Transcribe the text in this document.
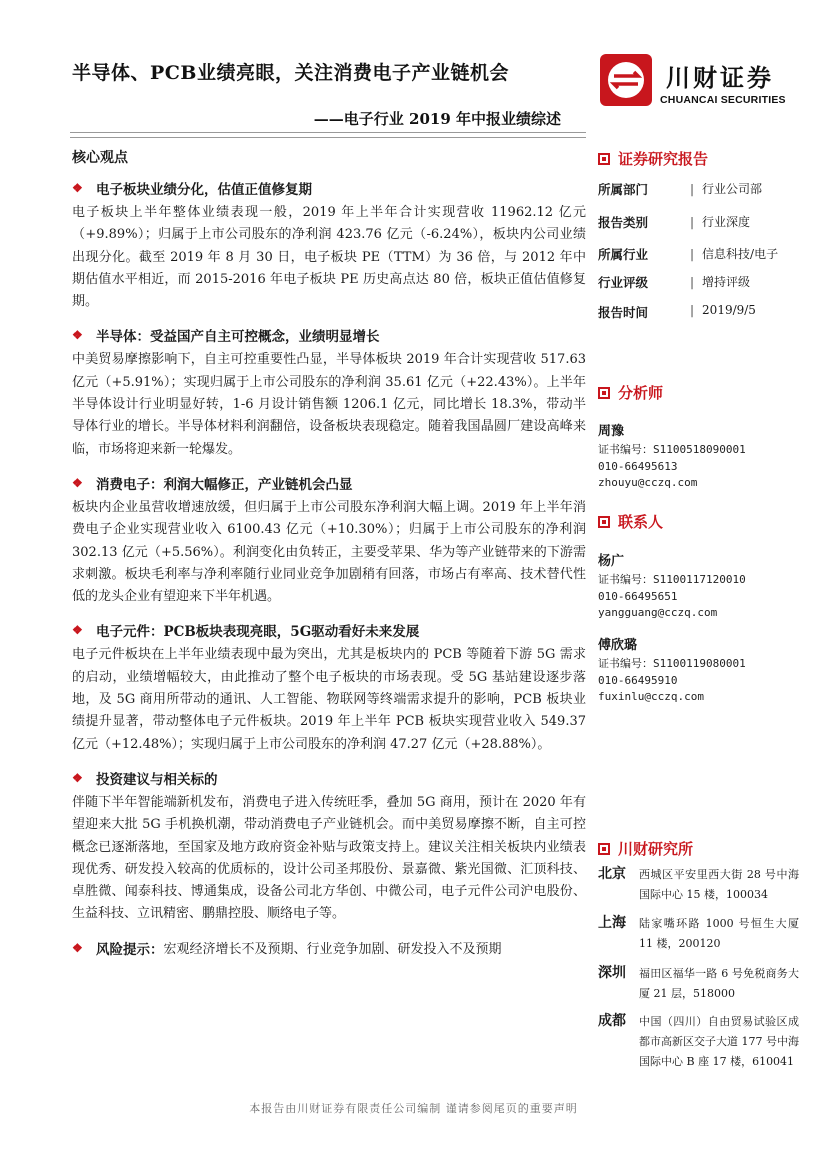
半导体、PCB业绩亮眼，关注消费电子产业链机会
——电子行业 2019 年中报业绩综述
川财证券
CHUANCAI SECURITIES
核心观点
❖ 电子板块业绩分化，估值正值修复期

电子板块上半年整体业绩表现一般，2019 年上半年合计实现营收 11962.12 亿元（+9.89%）；归属于上市公司股东的净利润 423.76 亿元（-6.24%），板块内公司业绩出现分化。截至 2019 年 8 月 30 日，电子板块 PE（TTM）为 36 倍，与 2012 年中期估值水平相近，而 2015-2016 年电子板块 PE 历史高点达 80 倍，板块正值估值修复期。

❖ 半导体：受益国产自主可控概念，业绩明显增长

中美贸易摩擦影响下，自主可控重要性凸显，半导体板块 2019 年合计实现营收 517.63 亿元（+5.91%）；实现归属于上市公司股东的净利润 35.61 亿元（+22.43%）。上半年半导体设计行业明显好转，1-6 月设计销售额 1206.1 亿元，同比增长 18.3%，带动半导体行业的增长。半导体材料利润翻倍，设备板块表现稳定。随着我国晶圆厂建设高峰来临，市场将迎来新一轮爆发。

❖ 消费电子：利润大幅修正，产业链机会凸显

板块内企业虽营收增速放缓，但归属于上市公司股东净利润大幅上调。2019 年上半年消费电子企业实现营业收入 6100.43 亿元（+10.30%）；归属于上市公司股东的净利润 302.13 亿元（+5.56%）。利润变化由负转正，主要受苹果、华为等产业链带来的下游需求刺激。板块毛利率与净利率随行业同业竞争加剧稍有回落，市场占有率高、技术替代性低的龙头企业有望迎来下半年机遇。

❖ 电子元件：PCB板块表现亮眼，5G驱动看好未来发展

电子元件板块在上半年业绩表现中最为突出，尤其是板块内的 PCB 等随着下游 5G 需求的启动，业绩增幅较大，由此推动了整个电子板块的市场表现。受 5G 基站建设逐步落地，及 5G 商用所带动的通讯、人工智能、物联网等终端需求提升的影响，PCB 板块业绩提升显著，带动整体电子元件板块。2019 年上半年 PCB 板块实现营业收入 549.37 亿元（+12.48%）；实现归属于上市公司股东的净利润 47.27 亿元（+28.88%）。

❖ 投资建议与相关标的

伴随下半年智能端新机发布，消费电子进入传统旺季，叠加 5G 商用，预计在 2020 年有望迎来大批 5G 手机换机潮，带动消费电子产业链机会。而中美贸易摩擦不断，自主可控概念已逐渐落地，至国家及地方政府资金补贴与政策支持上。建议关注相关板块内业绩表现优秀、研发投入较高的优质标的，设计公司圣邦股份、景嘉微、紫光国微、汇顶科技、卓胜微、闻泰科技、博通集成，设备公司北方华创、中微公司，电子元件公司沪电股份、生益科技、立讯精密、鹏鼎控股、顺络电子等。

❖ 风险提示： 宏观经济增长不及预期、行业竞争加剧、研发投入不及预期
证券研究报告
所属部门	| 行业公司部
报告类别	| 行业深度
所属行业	| 信息科技/电子
行业评级	| 增持评级
报告时间	| 2019/9/5
分析师
周豫
证书编号：S1100518090001
010-66495613
zhouyu@cczq.com
联系人
杨广
证书编号：S1100117120010
010-66495651
yangguang@cczq.com
傅欣璐
证书编号：S1100119080001
010-66495910
fuxinlu@cczq.com
川财研究所
北京 西城区平安里西大街 28 号中海国际中心 15 楼，100034
上海 陆家嘴环路 1000 号恒生大厦 11 楼，200120
深圳 福田区福华一路 6 号免税商务大厦 21 层，518000
成都 中国（四川）自由贸易试验区成都市高新区交子大道 177 号中海国际中心 B 座 17 楼，610041
本报告由川财证券有限责任公司编制 谨请参阅尾页的重要声明
